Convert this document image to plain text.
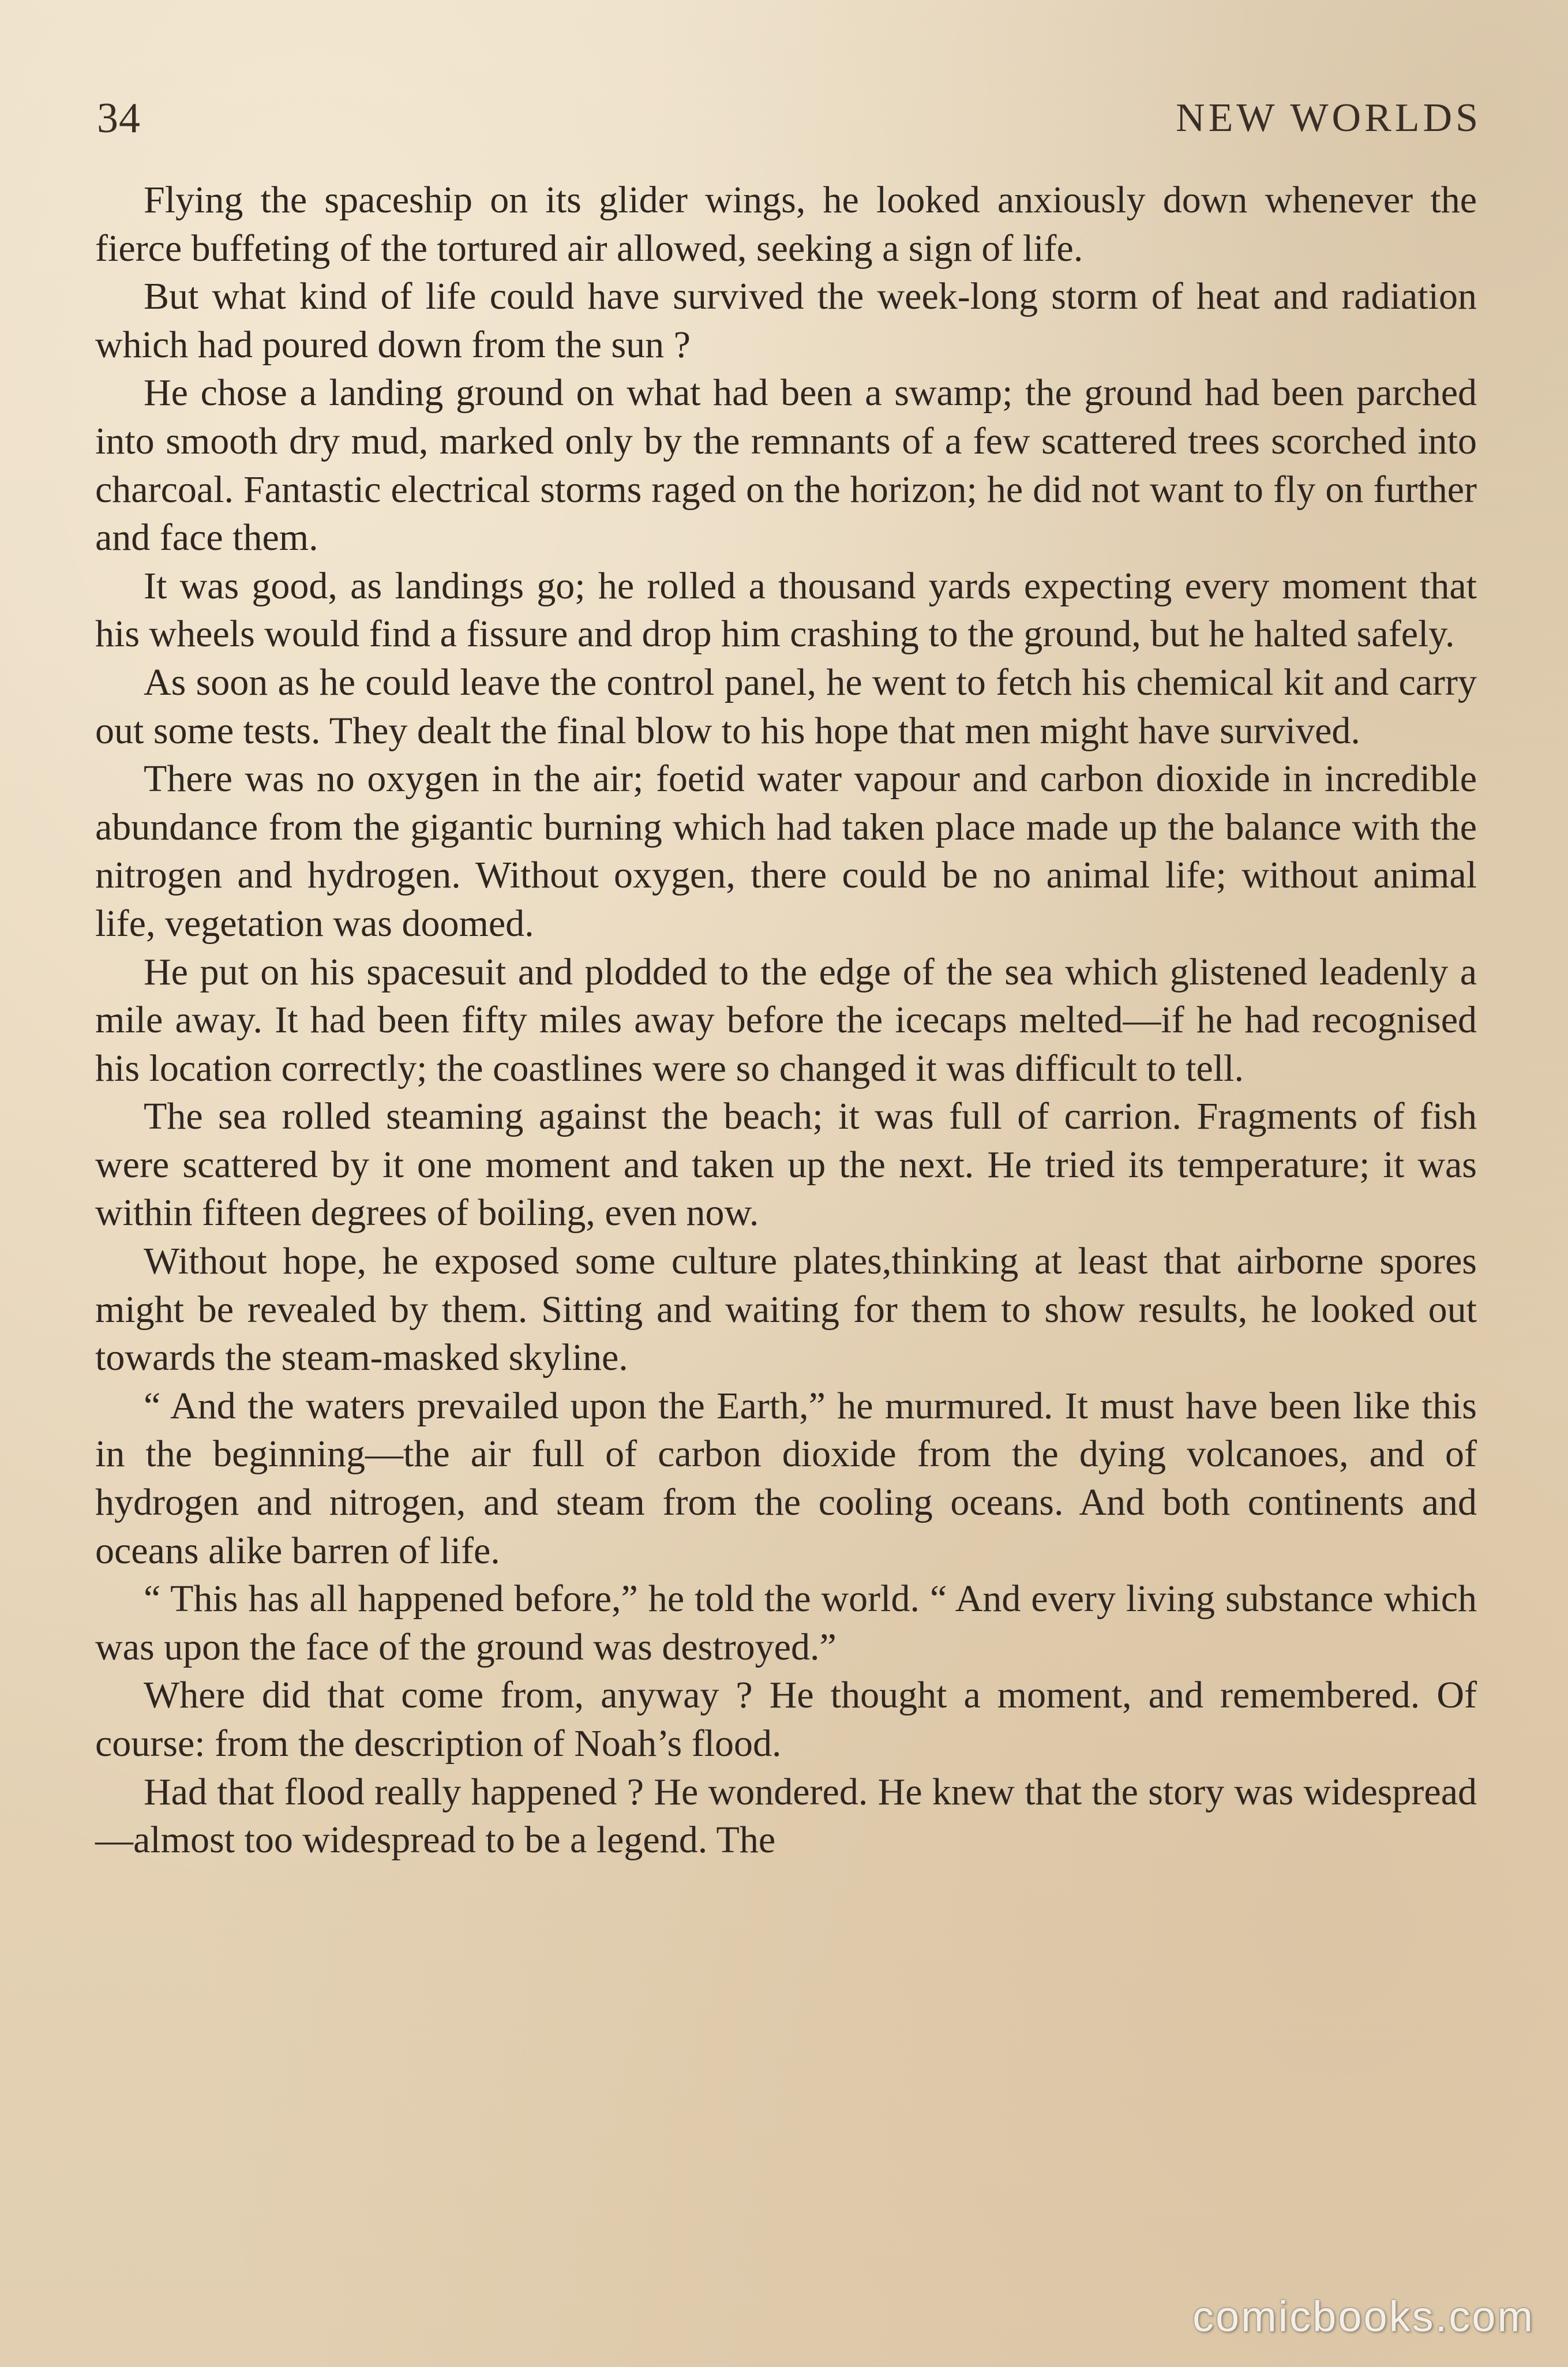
34	NEW WORLDS

Flying the spaceship on its glider wings, he looked anxiously down whenever the fierce buffeting of the tortured air allowed, seeking a sign of life.

But what kind of life could have survived the week-long storm of heat and radiation which had poured down from the sun ?

He chose a landing ground on what had been a swamp; the ground had been parched into smooth dry mud, marked only by the remnants of a few scattered trees scorched into charcoal. Fantastic electrical storms raged on the horizon; he did not want to fly on further and face them.

It was good, as landings go; he rolled a thousand yards expecting every moment that his wheels would find a fissure and drop him crashing to the ground, but he halted safely.

As soon as he could leave the control panel, he went to fetch his chemical kit and carry out some tests. They dealt the final blow to his hope that men might have survived.

There was no oxygen in the air; foetid water vapour and carbon dioxide in incredible abundance from the gigantic burning which had taken place made up the balance with the nitrogen and hydrogen. Without oxygen, there could be no animal life; without animal life, vegetation was doomed.

He put on his spacesuit and plodded to the edge of the sea which glistened leadenly a mile away. It had been fifty miles away before the icecaps melted—if he had recognised his location correctly; the coastlines were so changed it was difficult to tell.

The sea rolled steaming against the beach; it was full of carrion. Fragments of fish were scattered by it one moment and taken up the next. He tried its temperature; it was within fifteen degrees of boiling, even now.

Without hope, he exposed some culture plates,thinking at least that airborne spores might be revealed by them. Sitting and waiting for them to show results, he looked out towards the steam-masked skyline.

“ And the waters prevailed upon the Earth,” he murmured. It must have been like this in the beginning—the air full of carbon dioxide from the dying volcanoes, and of hydrogen and nitrogen, and steam from the cooling oceans. And both continents and oceans alike barren of life.

“ This has all happened before,” he told the world. “ And every living substance which was upon the face of the ground was destroyed.”

Where did that come from, anyway ? He thought a moment, and remembered. Of course: from the description of Noah’s flood.

Had that flood really happened ? He wondered. He knew that the story was widespread—almost too widespread to be a legend. The

comicbooks.com
